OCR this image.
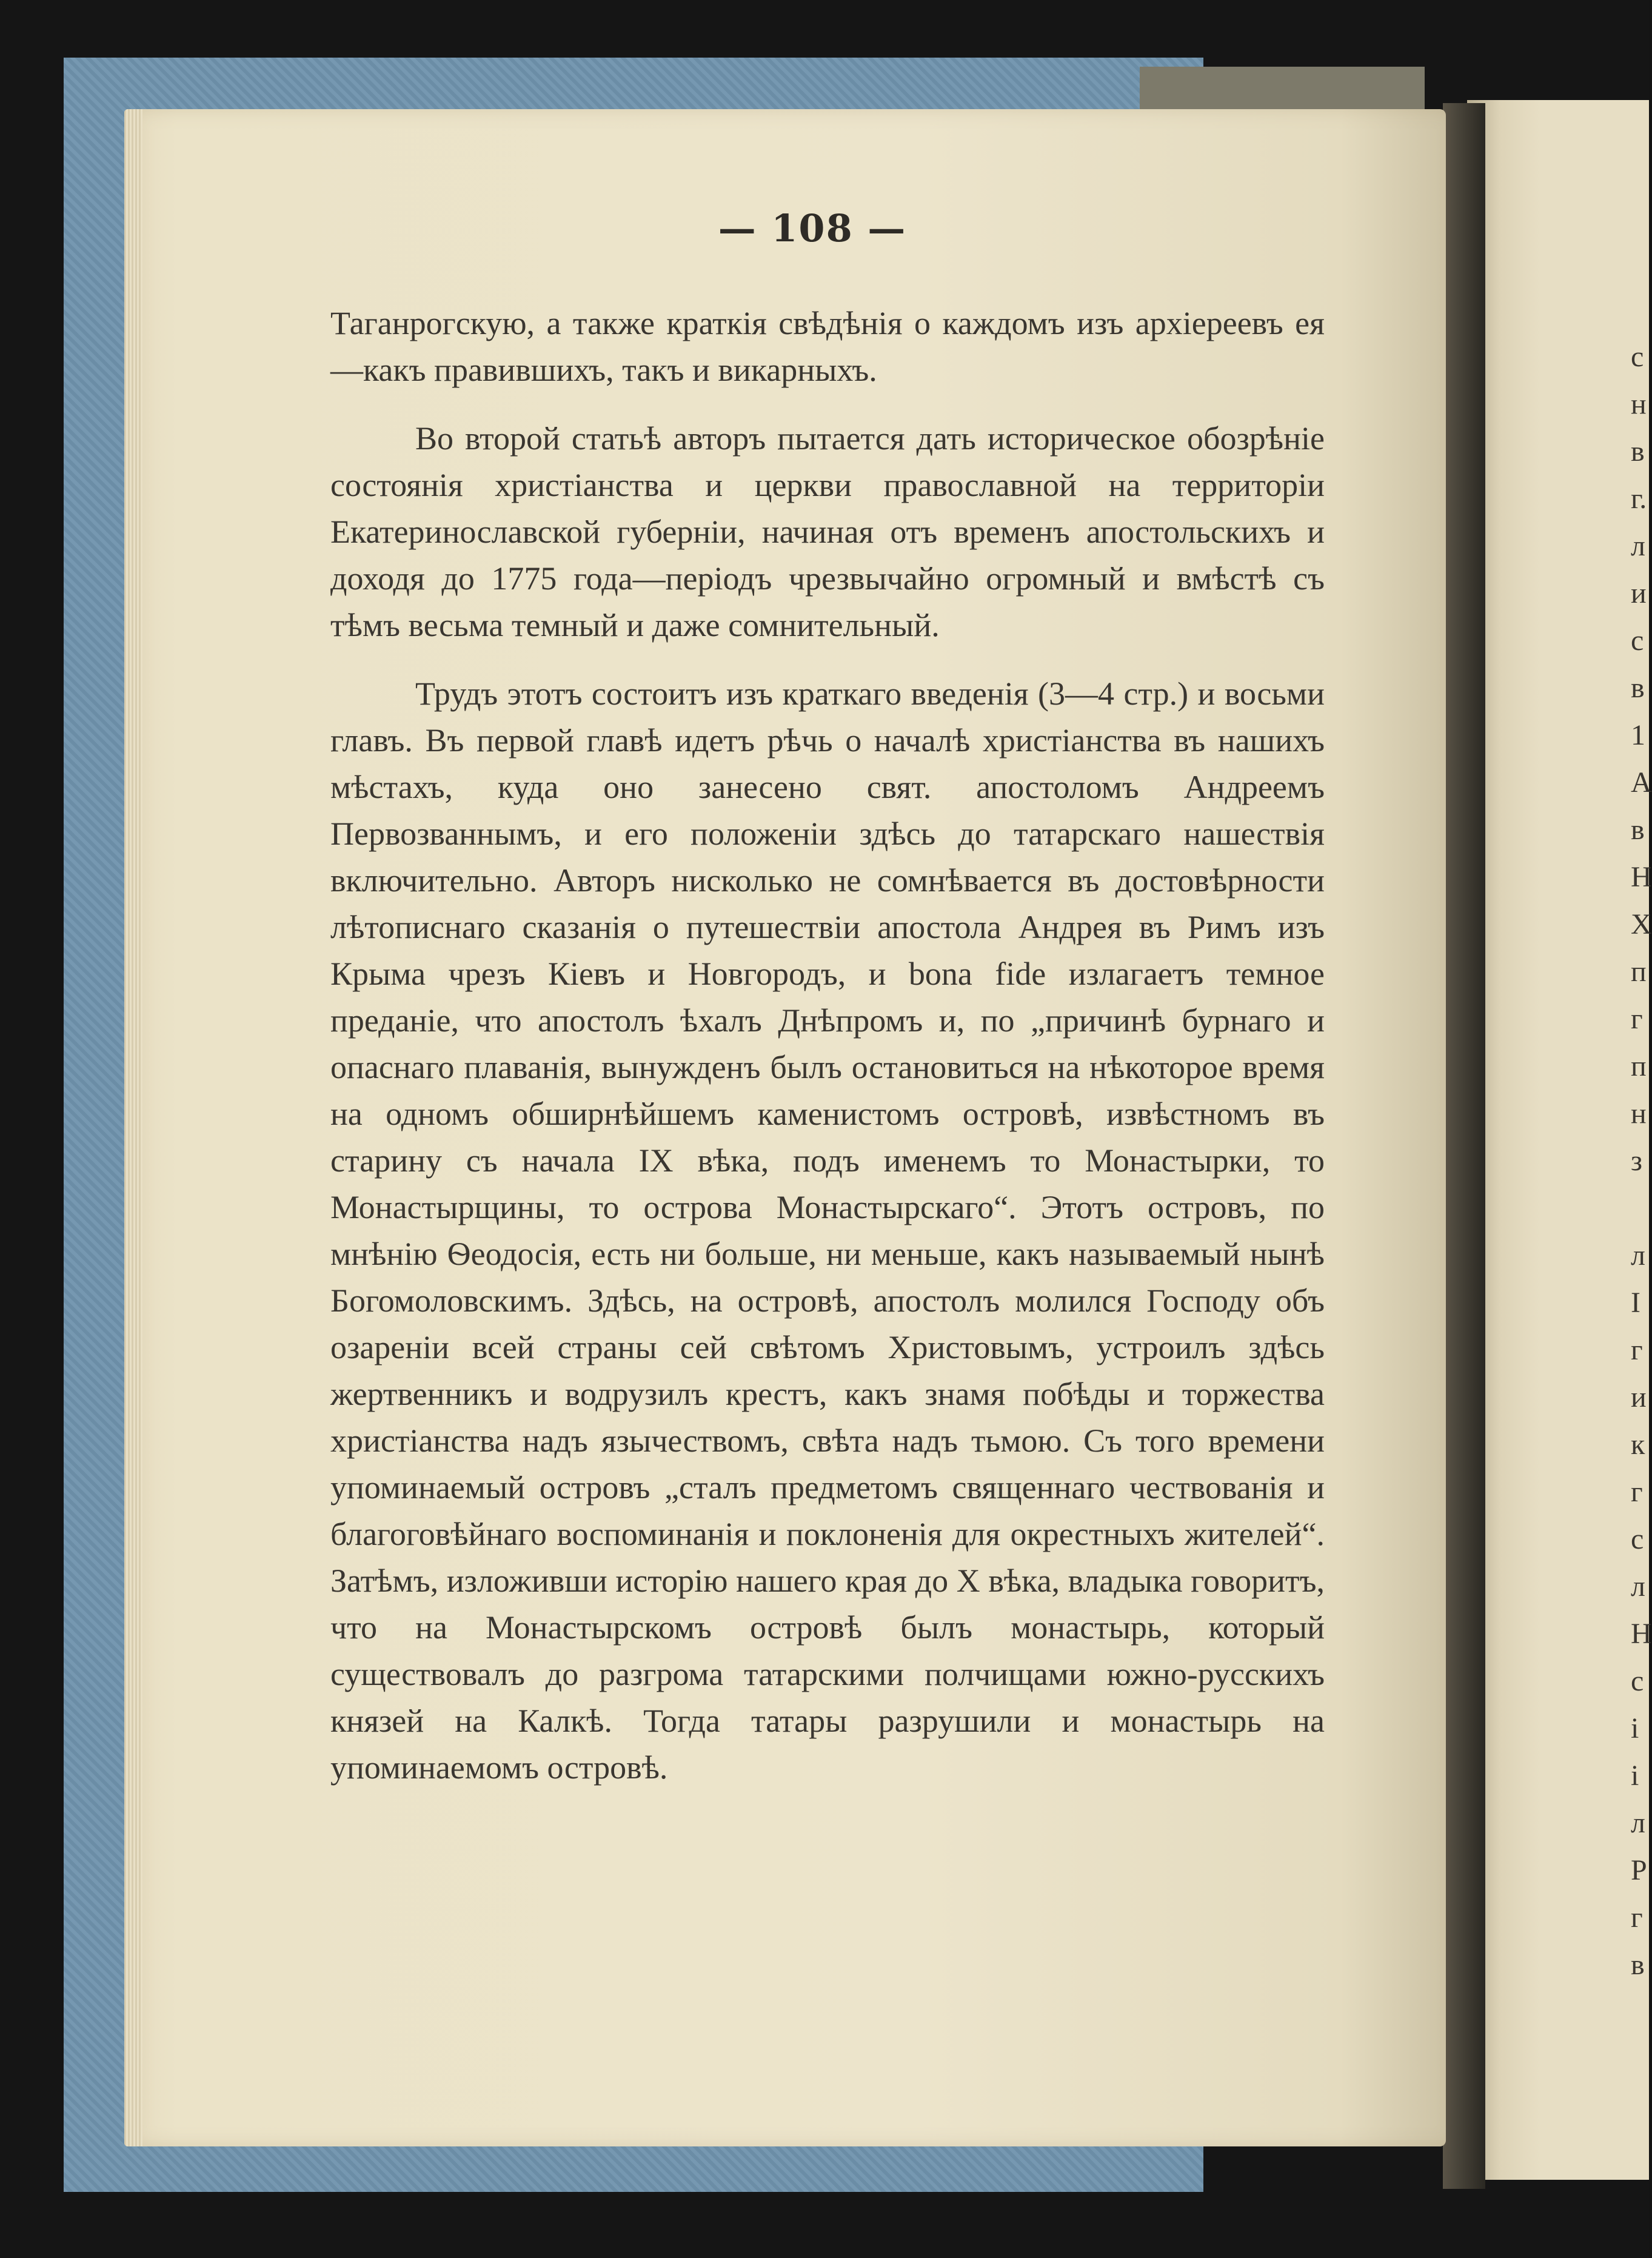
— 108 —

Таганрогскую, а также краткія свѣдѣнія о каждомъ изъ архіереевъ ея—какъ правившихъ, такъ и викарныхъ.

Во второй статьѣ авторъ пытается дать историческое обозрѣніе состоянія христіанства и церкви православной на территоріи Екатеринославской губерніи, начиная отъ временъ апостольскихъ и доходя до 1775 года—періодъ чрезвычайно огромный и вмѣстѣ съ тѣмъ весьма темный и даже сомнительный.

Трудъ этотъ состоитъ изъ краткаго введенія (3—4 стр.) и восьми главъ. Въ первой главѣ идетъ рѣчь о началѣ христіанства въ нашихъ мѣстахъ, куда оно занесено свят. апостоломъ Андреемъ Первозваннымъ, и его положеніи здѣсь до татарскаго нашествія включительно. Авторъ нисколько не сомнѣвается въ достовѣрности лѣтописнаго сказанія о путешествіи апостола Андрея въ Римъ изъ Крыма чрезъ Кіевъ и Новгородъ, и bona fide излагаетъ темное преданіе, что апостолъ ѣхалъ Днѣпромъ и, по „причинѣ бурнаго и опаснаго плаванія, вынужденъ былъ остановиться на нѣкоторое время на одномъ обширнѣйшемъ каменистомъ островѣ, извѣстномъ въ старину съ начала IX вѣка, подъ именемъ то Монастырки, то Монастырщины, то острова Монастырскаго“. Этотъ островъ, по мнѣнію Ѳеодосія, есть ни больше, ни меньше, какъ называемый нынѣ Богомоловскимъ. Здѣсь, на островѣ, апостолъ молился Господу объ озареніи всей страны сей свѣтомъ Христовымъ, устроилъ здѣсь жертвенникъ и водрузилъ крестъ, какъ знамя побѣды и торжества христіанства надъ язычествомъ, свѣта надъ тьмою. Съ того времени упоминаемый островъ „сталъ предметомъ священнаго чествованія и благоговѣйнаго воспоминанія и поклоненія для окрестныхъ жителей“. Затѣмъ, изложивши исторію нашего края до X вѣка, владыка говоритъ, что на Монастырскомъ островѣ былъ монастырь, который существовалъ до разгрома татарскими полчищами южно-русскихъ князей на Калкѣ. Тогда татары разрушили и монастырь на упоминаемомъ островѣ.

с
н
в
г.
л
и
с
в
1
А
в
Н
Х
п
г
п
н
з
л
І
г
и
к
г
с
л
Н
с
і
і
л
Р
г
в
